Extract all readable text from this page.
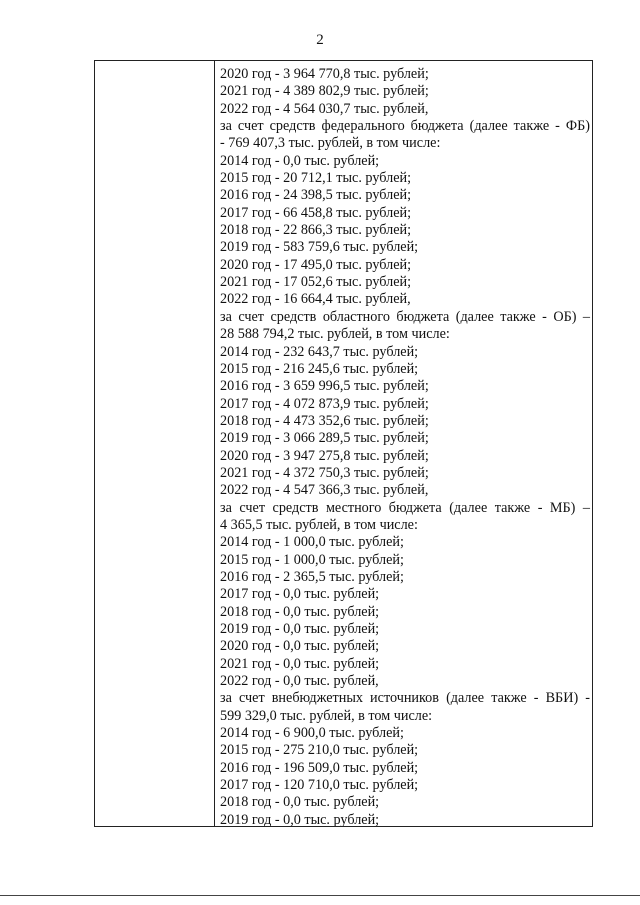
2
2020 год - 3 964 770,8 тыс. рублей;
2021 год - 4 389 802,9 тыс. рублей;
2022 год - 4 564 030,7 тыс. рублей,
за счет средств федерального бюджета (далее также - ФБ)
- 769 407,3 тыс. рублей, в том числе:
2014 год - 0,0 тыс. рублей;
2015 год - 20 712,1 тыс. рублей;
2016 год - 24 398,5 тыс. рублей;
2017 год - 66 458,8 тыс. рублей;
2018 год - 22 866,3 тыс. рублей;
2019 год - 583 759,6 тыс. рублей;
2020 год - 17 495,0 тыс. рублей;
2021 год - 17 052,6 тыс. рублей;
2022 год - 16 664,4 тыс. рублей,
за счет средств областного бюджета (далее также - ОБ) –
28 588 794,2 тыс. рублей, в том числе:
2014 год - 232 643,7 тыс. рублей;
2015 год - 216 245,6 тыс. рублей;
2016 год - 3 659 996,5 тыс. рублей;
2017 год - 4 072 873,9 тыс. рублей;
2018 год - 4 473 352,6 тыс. рублей;
2019 год - 3 066 289,5 тыс. рублей;
2020 год - 3 947 275,8 тыс. рублей;
2021 год - 4 372 750,3 тыс. рублей;
2022 год - 4 547 366,3 тыс. рублей,
за счет средств местного бюджета (далее также - МБ) –
4 365,5 тыс. рублей, в том числе:
2014 год - 1 000,0 тыс. рублей;
2015 год - 1 000,0 тыс. рублей;
2016 год - 2 365,5 тыс. рублей;
2017 год - 0,0 тыс. рублей;
2018 год - 0,0 тыс. рублей;
2019 год - 0,0 тыс. рублей;
2020 год - 0,0 тыс. рублей;
2021 год - 0,0 тыс. рублей;
2022 год - 0,0 тыс. рублей,
за счет внебюджетных источников (далее также - ВБИ) -
599 329,0 тыс. рублей, в том числе:
2014 год - 6 900,0 тыс. рублей;
2015 год - 275 210,0 тыс. рублей;
2016 год - 196 509,0 тыс. рублей;
2017 год - 120 710,0 тыс. рублей;
2018 год - 0,0 тыс. рублей;
2019 год - 0,0 тыс. рублей;
